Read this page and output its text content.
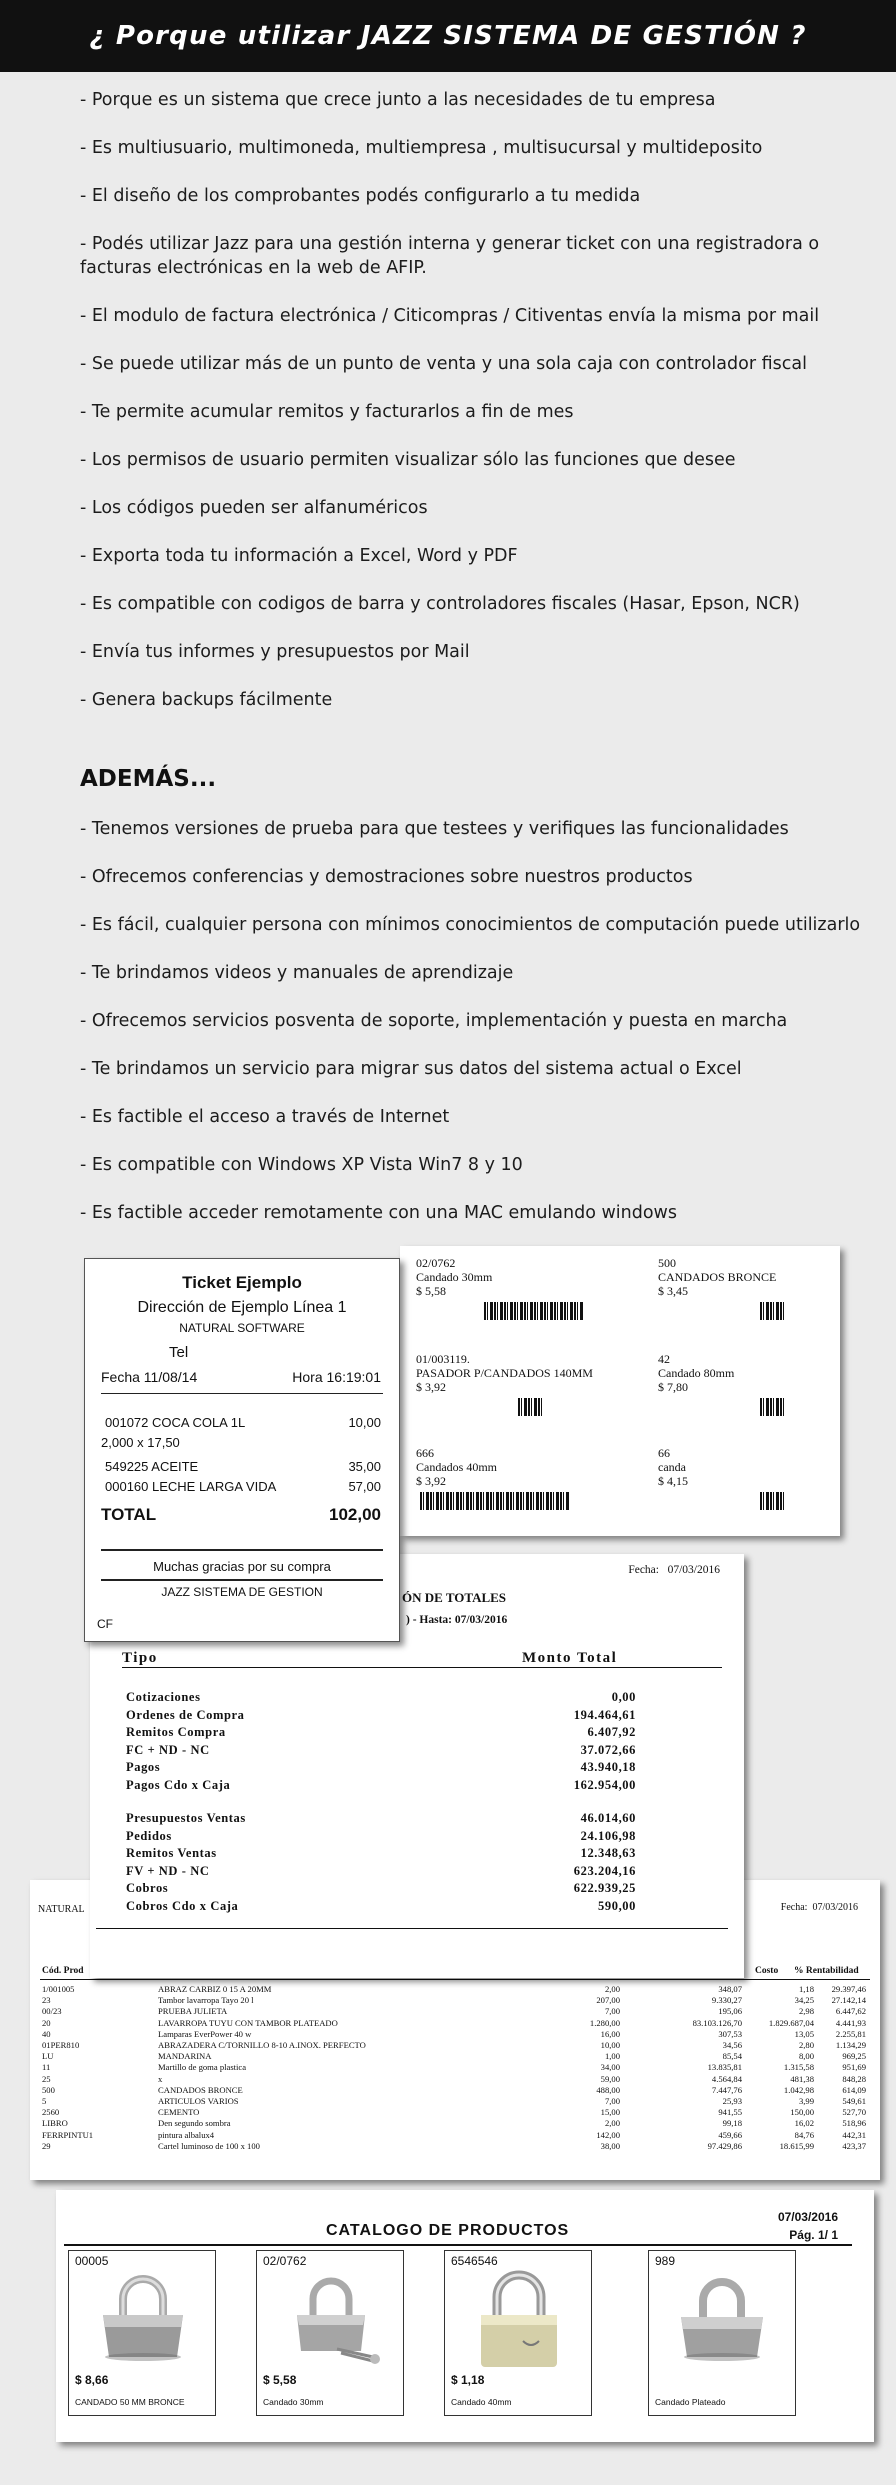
¿ Porque utilizar JAZZ SISTEMA DE GESTIÓN ?
- Porque es un sistema que crece junto a las necesidades de tu empresa
- Es multiusuario, multimoneda, multiempresa , multisucursal y multideposito
- El diseño de los comprobantes podés configurarlo a tu medida
- Podés utilizar Jazz para una gestión interna y generar ticket con una registradora o facturas electrónicas en la web de AFIP.
- El modulo de factura electrónica / Citicompras / Citiventas envía la misma por mail
- Se puede utilizar más de un punto de venta y una sola caja con controlador fiscal
- Te permite acumular remitos y facturarlos a fin de mes
- Los permisos de usuario permiten visualizar sólo las funciones que desee
- Los códigos pueden ser alfanuméricos
- Exporta toda tu información a Excel, Word y PDF
- Es compatible con codigos de barra y controladores fiscales (Hasar, Epson, NCR)
- Envía tus informes y presupuestos por Mail
- Genera backups fácilmente
ADEMÁS...
- Tenemos versiones de prueba para que testees y verifiques las funcionalidades
- Ofrecemos conferencias y demostraciones sobre nuestros productos
- Es fácil, cualquier persona con mínimos conocimientos de computación puede utilizarlo
- Te brindamos videos y manuales de aprendizaje
- Ofrecemos servicios posventa de soporte, implementación y puesta en marcha
- Te brindamos un servicio para migrar sus datos del sistema actual o Excel
- Es factible el acceso a través de Internet
- Es compatible con Windows XP Vista Win7 8 y 10
- Es factible acceder remotamente con una MAC emulando windows
02/0762
Candado 30mm
$ 5,58
500
CANDADOS BRONCE
$ 3,45
01/003119.
PASADOR P/CANDADOS 140MM
$ 3,92
42
Candado 80mm
$ 7,80
666
Candados 40mm
$ 3,92
66
canda
$ 4,15
NATURAL	Fecha: 07/03/2016
Cód. Prod	Costo % Rentabilidad
1/001005	ABRAZ CARBIZ 0 15 A 20MM	2,00	348,07	1,18	29.397,46
23	Tambor lavarropa Tayo 20 l	207,00	9.330,27	34,25	27.142,14
00/23	PRUEBA JULIETA	7,00	195,06	2,98	6.447,62
20	LAVARROPA TUYU CON TAMBOR PLATEADO	1.280,00	83.103.126,70	1.829.687,04	4.441,93
40	Lamparas EverPower 40 w	16,00	307,53	13,05	2.255,81
01PER810	ABRAZADERA C/TORNILLO 8-10 A.INOX. PERFECTO	10,00	34,56	2,80	1.134,29
LU	MANDARINA	1,00	85,54	8,00	969,25
11	Martillo de goma plastica	34,00	13.835,81	1.315,58	951,69
25	x	59,00	4.564,84	481,38	848,28
500	CANDADOS BRONCE	488,00	7.447,76	1.042,98	614,09
5	ARTICULOS VARIOS	7,00	25,93	3,99	549,61
2560	CEMENTO	15,00	941,55	150,00	527,70
LIBRO	Den segundo sombra	2,00	99,18	16,02	518,96
FERRPINTU1	pintura albalux4	142,00	459,66	84,76	442,31
29	Cartel luminoso de 100 x 100	38,00	97.429,86	18.615,99	423,37
Fecha: 07/03/2016
ÓN DE TOTALES
) - Hasta: 07/03/2016
Tipo	Monto Total
Cotizaciones	0,00
Ordenes de Compra	194.464,61
Remitos Compra	6.407,92
FC + ND - NC	37.072,66
Pagos	43.940,18
Pagos Cdo x Caja	162.954,00
Presupuestos Ventas	46.014,60
Pedidos	24.106,98
Remitos Ventas	12.348,63
FV + ND - NC	623.204,16
Cobros	622.939,25
Cobros Cdo x Caja	590,00
Ticket Ejemplo
Dirección de Ejemplo Línea 1
NATURAL SOFTWARE
Tel
Fecha 11/08/14	Hora 16:19:01
001072 COCA COLA 1L	10,00
2,000 x 17,50
549225 ACEITE	35,00
000160 LECHE LARGA VIDA	57,00
TOTAL	102,00
Muchas gracias por su compra
JAZZ SISTEMA DE GESTION
CF
CATALOGO DE PRODUCTOS
07/03/2016
Pág. 1/ 1
00005
$ 8,66
CANDADO 50 MM BRONCE
02/0762
$ 5,58
Candado 30mm
6546546
$ 1,18
Candado 40mm
989
Candado Plateado
